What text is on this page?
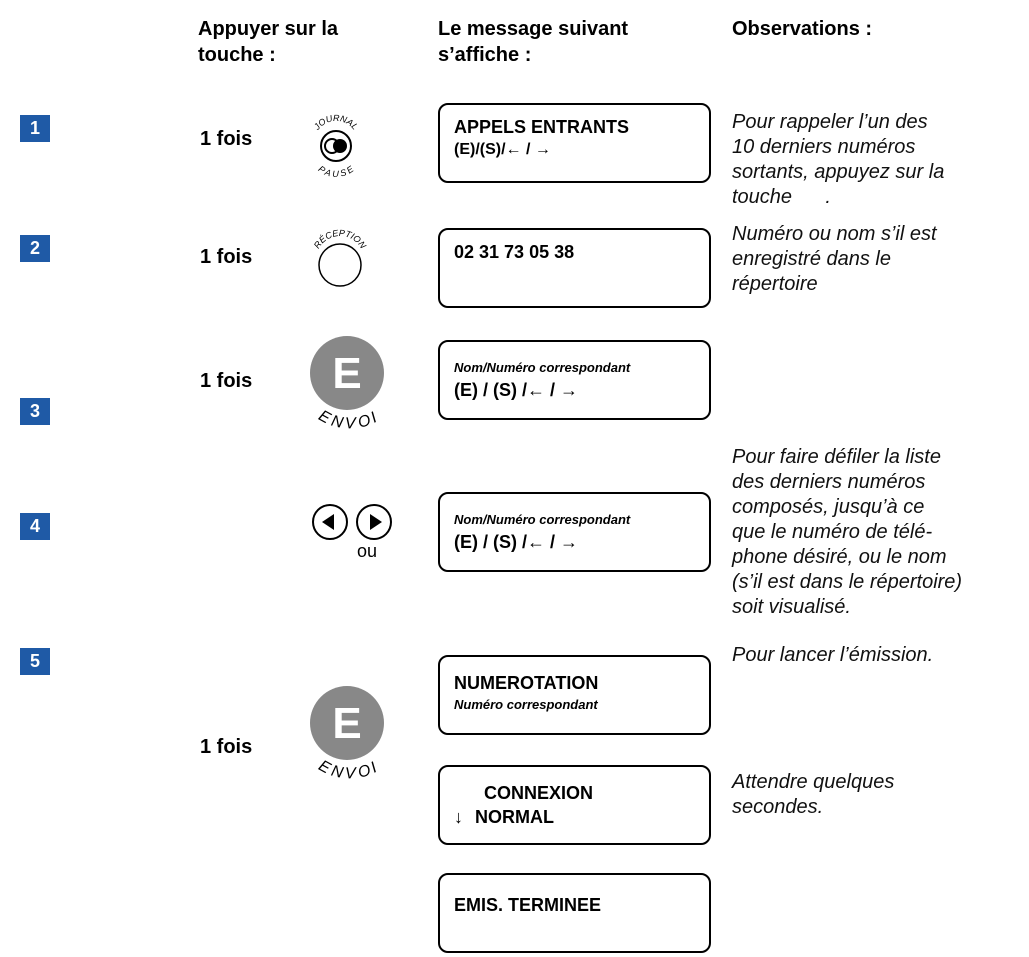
Appuyer sur la
touche :
Le message suivant
s’affiche :
Observations :
1
2
3
4
5
1 fois
1 fois
1 fois
1 fois
JOURNAL
PAUSE
RÉCEPTION
E
ENVOI
ou
E
ENVOI
APPELS ENTRANTS
(E)/(S)/← / →
02 31 73 05 38
Nom/Numéro correspondant
(E) / (S) /← / →
Nom/Numéro correspondant
(E) / (S) /← / →
NUMEROTATION
Numéro correspondant
CONNEXION
↓ NORMAL
EMIS. TERMINEE
Pour rappeler l’un des
10 derniers numéros
sortants, appuyez sur la
touche      .
Numéro ou nom s’il est
enregistré dans le
répertoire
Pour faire défiler la liste
des derniers numéros
composés, jusqu’à ce
que le numéro de télé-
phone désiré, ou le nom
(s’il est dans le répertoire)
soit visualisé.
Pour lancer l’émission.
Attendre quelques
secondes.
